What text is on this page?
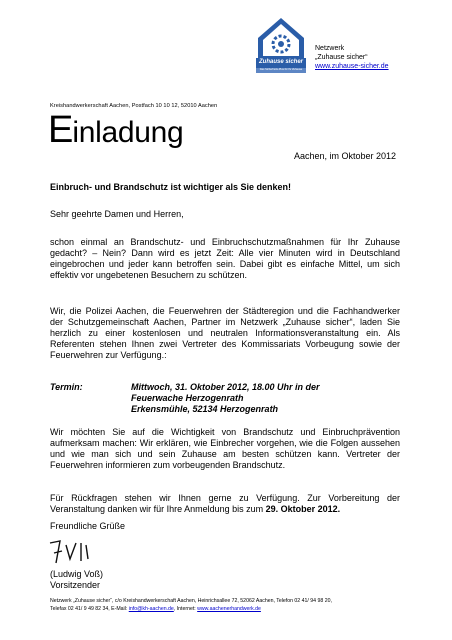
Zuhause sicher
Das Sicherheits-Plus für Ihr Zuhause
Netzwerk
„Zuhause sicher“
www.zuhause-sicher.de
Kreishandwerkerschaft Aachen, Postfach 10 10 12, 52010 Aachen
Einladung
Aachen, im Oktober 2012
Einbruch- und Brandschutz ist wichtiger als Sie denken!
Sehr geehrte Damen und Herren,
schon einmal an Brandschutz- und Einbruchschutzmaßnahmen für Ihr Zuhause gedacht? – Nein? Dann wird es jetzt Zeit: Alle vier Minuten wird in Deutschland eingebrochen und jeder kann betroffen sein. Dabei gibt es einfache Mittel, um sich effektiv vor ungebetenen Besuchern zu schützen.
Wir, die Polizei Aachen, die Feuerwehren der Städteregion und die Fachhandwerker der Schutzgemeinschaft Aachen, Partner im Netzwerk „Zuhause sicher“, laden Sie herzlich zu einer kostenlosen und neutralen Informationsveranstaltung ein. Als Referenten stehen Ihnen zwei Vertreter des Kommissariats Vorbeugung sowie der Feuerwehren zur Verfügung.:
Termin:	Mittwoch, 31. Oktober 2012, 18.00 Uhr in der
Feuerwache Herzogenrath
Erkensmühle, 52134 Herzogenrath
Wir möchten Sie auf die Wichtigkeit von Brandschutz und Einbruchprävention aufmerksam machen: Wir erklären, wie Einbrecher vorgehen, wie die Folgen aussehen und wie man sich und sein Zuhause am besten schützen kann. Vertreter der Feuerwehren informieren zum vorbeugenden Brandschutz.
Für Rückfragen stehen wir Ihnen gerne zu Verfügung. Zur Vorbereitung der Veranstaltung danken wir für Ihre Anmeldung bis zum 29. Oktober 2012.
Freundliche Grüße
(Ludwig Voß)
Vorsitzender
Netzwerk „Zuhause sicher“, c/o Kreishandwerkerschaft Aachen, Heinrichsallee 72, 52062 Aachen, Telefon 02 41/ 94 98 20,
Telefax 02 41/ 9 49 82 34, E-Mail: info@kh-aachen.de, Internet: www.aachenerhandwerk.de
